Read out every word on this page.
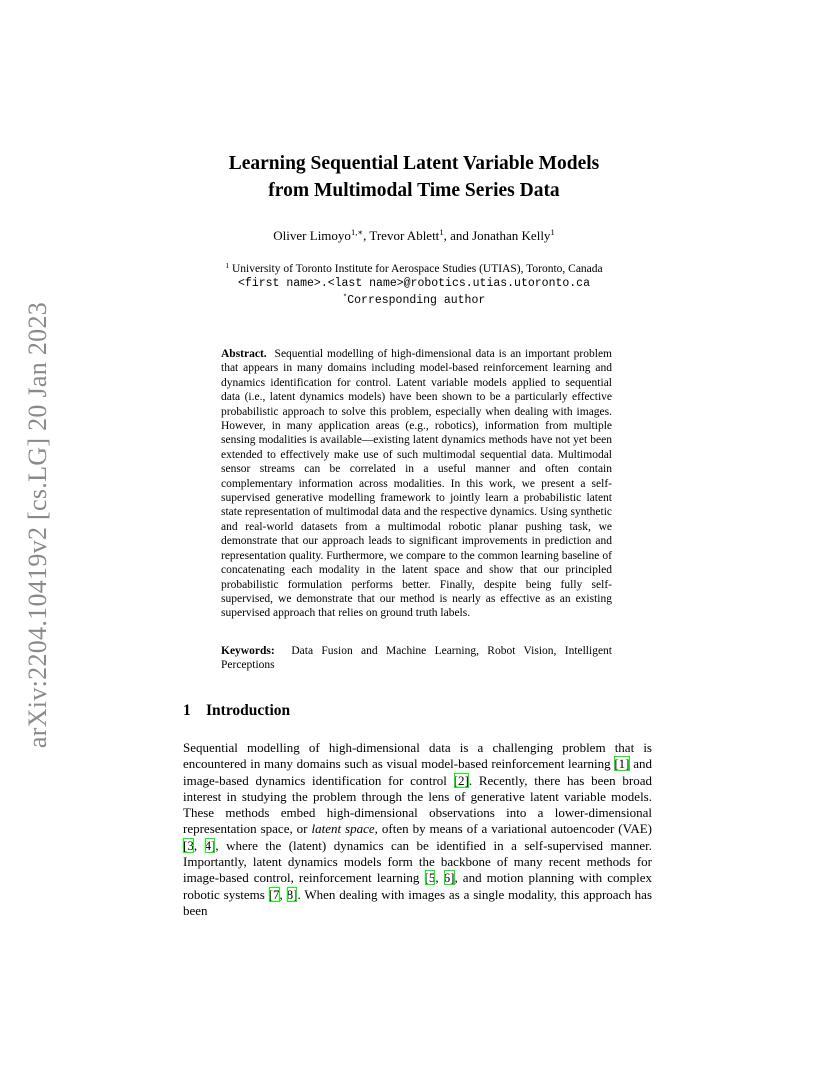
arXiv:2204.10419v2 [cs.LG] 20 Jan 2023
Learning Sequential Latent Variable Models
from Multimodal Time Series Data
Oliver Limoyo$^{1,∗}$, Trevor Ablett$^1$, and Jonathan Kelly$^1$
$^1$ University of Toronto Institute for Aerospace Studies (UTIAS), Toronto, Canada
<first name>.<last name>@robotics.utias.utoronto.ca
*Corresponding author

Abstract. Sequential modelling of high-dimensional data is an important problem that appears in many domains including model-based reinforcement learning and dynamics identification for control. Latent variable models applied to sequential data (i.e., latent dynamics models) have been shown to be a particularly effective probabilistic approach to solve this problem, especially when dealing with images. However, in many application areas (e.g., robotics), information from multiple sensing modalities is available—existing latent dynamics methods have not yet been extended to effectively make use of such multimodal sequential data. Multimodal sensor streams can be correlated in a useful manner and often contain complementary information across modalities. In this work, we present a self-supervised generative modelling framework to jointly learn a probabilistic latent state representation of multimodal data and the respective dynamics. Using synthetic and real-world datasets from a multimodal robotic planar pushing task, we demonstrate that our approach leads to significant improvements in prediction and representation quality. Furthermore, we compare to the common learning baseline of concatenating each modality in the latent space and show that our principled probabilistic formulation performs better. Finally, despite being fully self-supervised, we demonstrate that our method is nearly as effective as an existing supervised approach that relies on ground truth labels.

Keywords: Data Fusion and Machine Learning, Robot Vision, Intelligent Perceptions

1 Introduction

Sequential modelling of high-dimensional data is a challenging problem that is encountered in many domains such as visual model-based reinforcement learning [1] and image-based dynamics identification for control [2]. Recently, there has been broad interest in studying the problem through the lens of generative latent variable models. These methods embed high-dimensional observations into a lower-dimensional representation space, or latent space, often by means of a variational autoencoder (VAE) [3, 4], where the (latent) dynamics can be identified in a self-supervised manner. Importantly, latent dynamics models form the backbone of many recent methods for image-based control, reinforcement learning [5, 6], and motion planning with complex robotic systems [7, 8]. When dealing with images as a single modality, this approach has been
